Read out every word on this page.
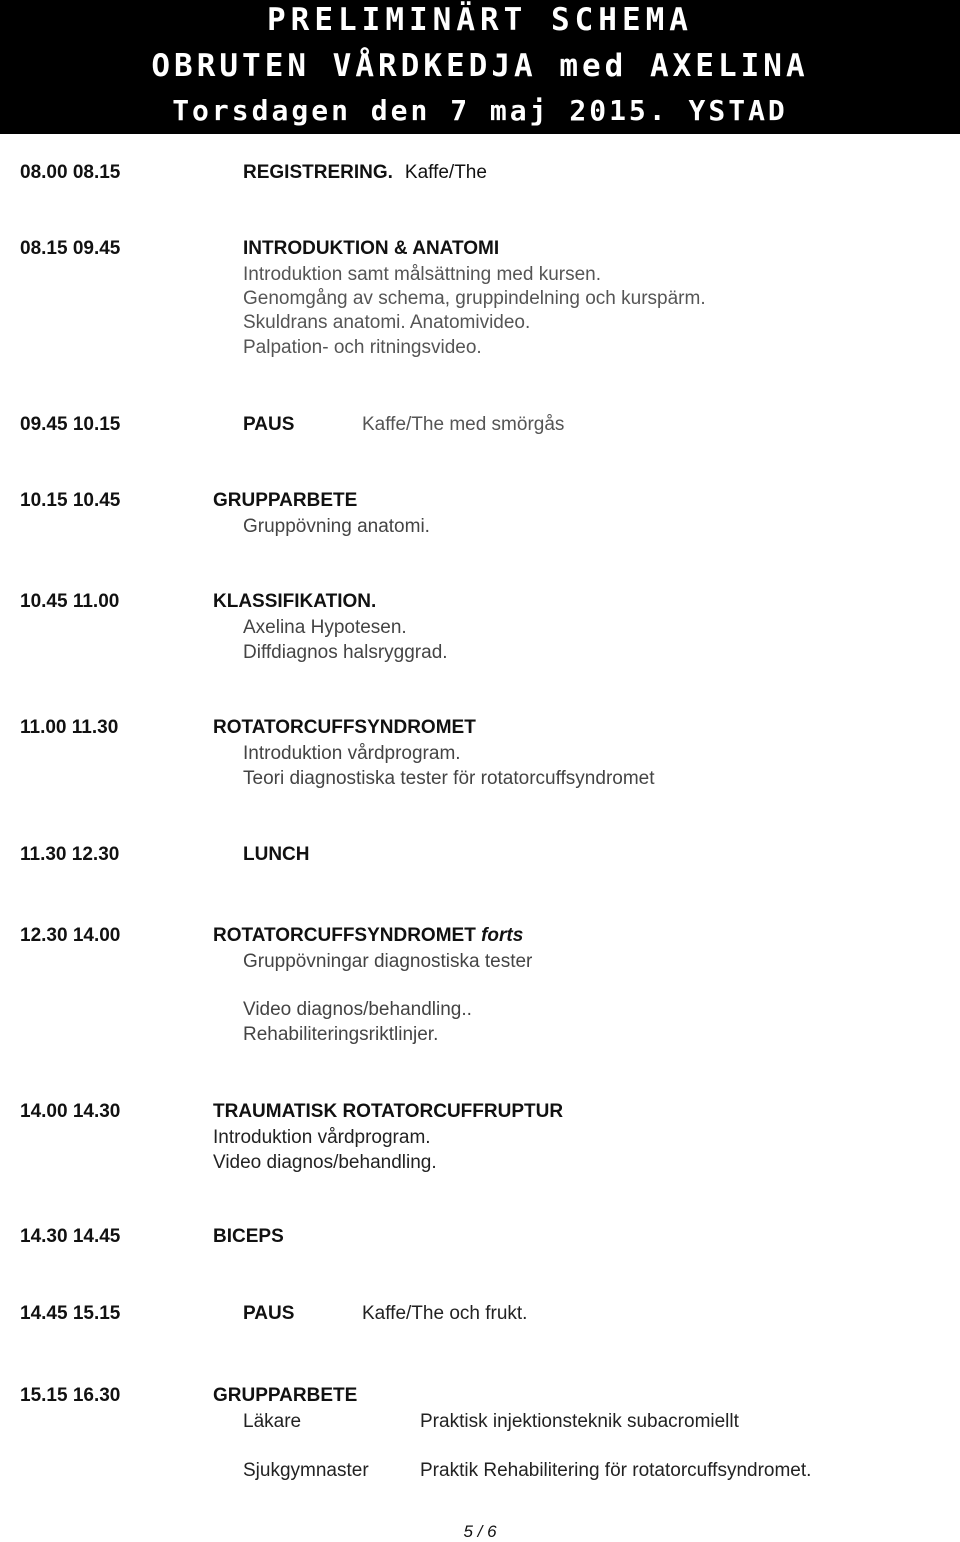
PRELIMINÄRT SCHEMA
OBRUTEN VÅRDKEDJA med AXELINA
Torsdagen den 7 maj 2015. YSTAD
08.00 08.15	REGISTRERING. Kaffe/The
08.15 09.45	INTRODUKTION & ANATOMI
Introduktion samt målsättning med kursen.
Genomgång av schema, gruppindelning och kurspärm.
Skuldrans anatomi. Anatomivideo.
Palpation- och ritningsvideo.
09.45 10.15	PAUS	Kaffe/The med smörgås
10.15 10.45	GRUPPARBETE
Gruppövning anatomi.
10.45 11.00	KLASSIFIKATION.
Axelina Hypotesen.
Diffdiagnos halsryggrad.
11.00 11.30	ROTATORCUFFSYNDROMET
Introduktion vårdprogram.
Teori diagnostiska tester för rotatorcuffsyndromet
11.30 12.30	LUNCH
12.30 14.00	ROTATORCUFFSYNDROMET forts
Gruppövningar diagnostiska tester
Video diagnos/behandling..
Rehabiliteringsriktlinjer.
14.00 14.30	TRAUMATISK ROTATORCUFFRUPTUR
Introduktion vårdprogram.
Video diagnos/behandling.
14.30 14.45	BICEPS
14.45 15.15	PAUS	Kaffe/The och frukt.
15.15 16.30	GRUPPARBETE
Läkare	Praktisk injektionsteknik subacromiellt
Sjukgymnaster	Praktik Rehabilitering för rotatorcuffsyndromet.
5 / 6
